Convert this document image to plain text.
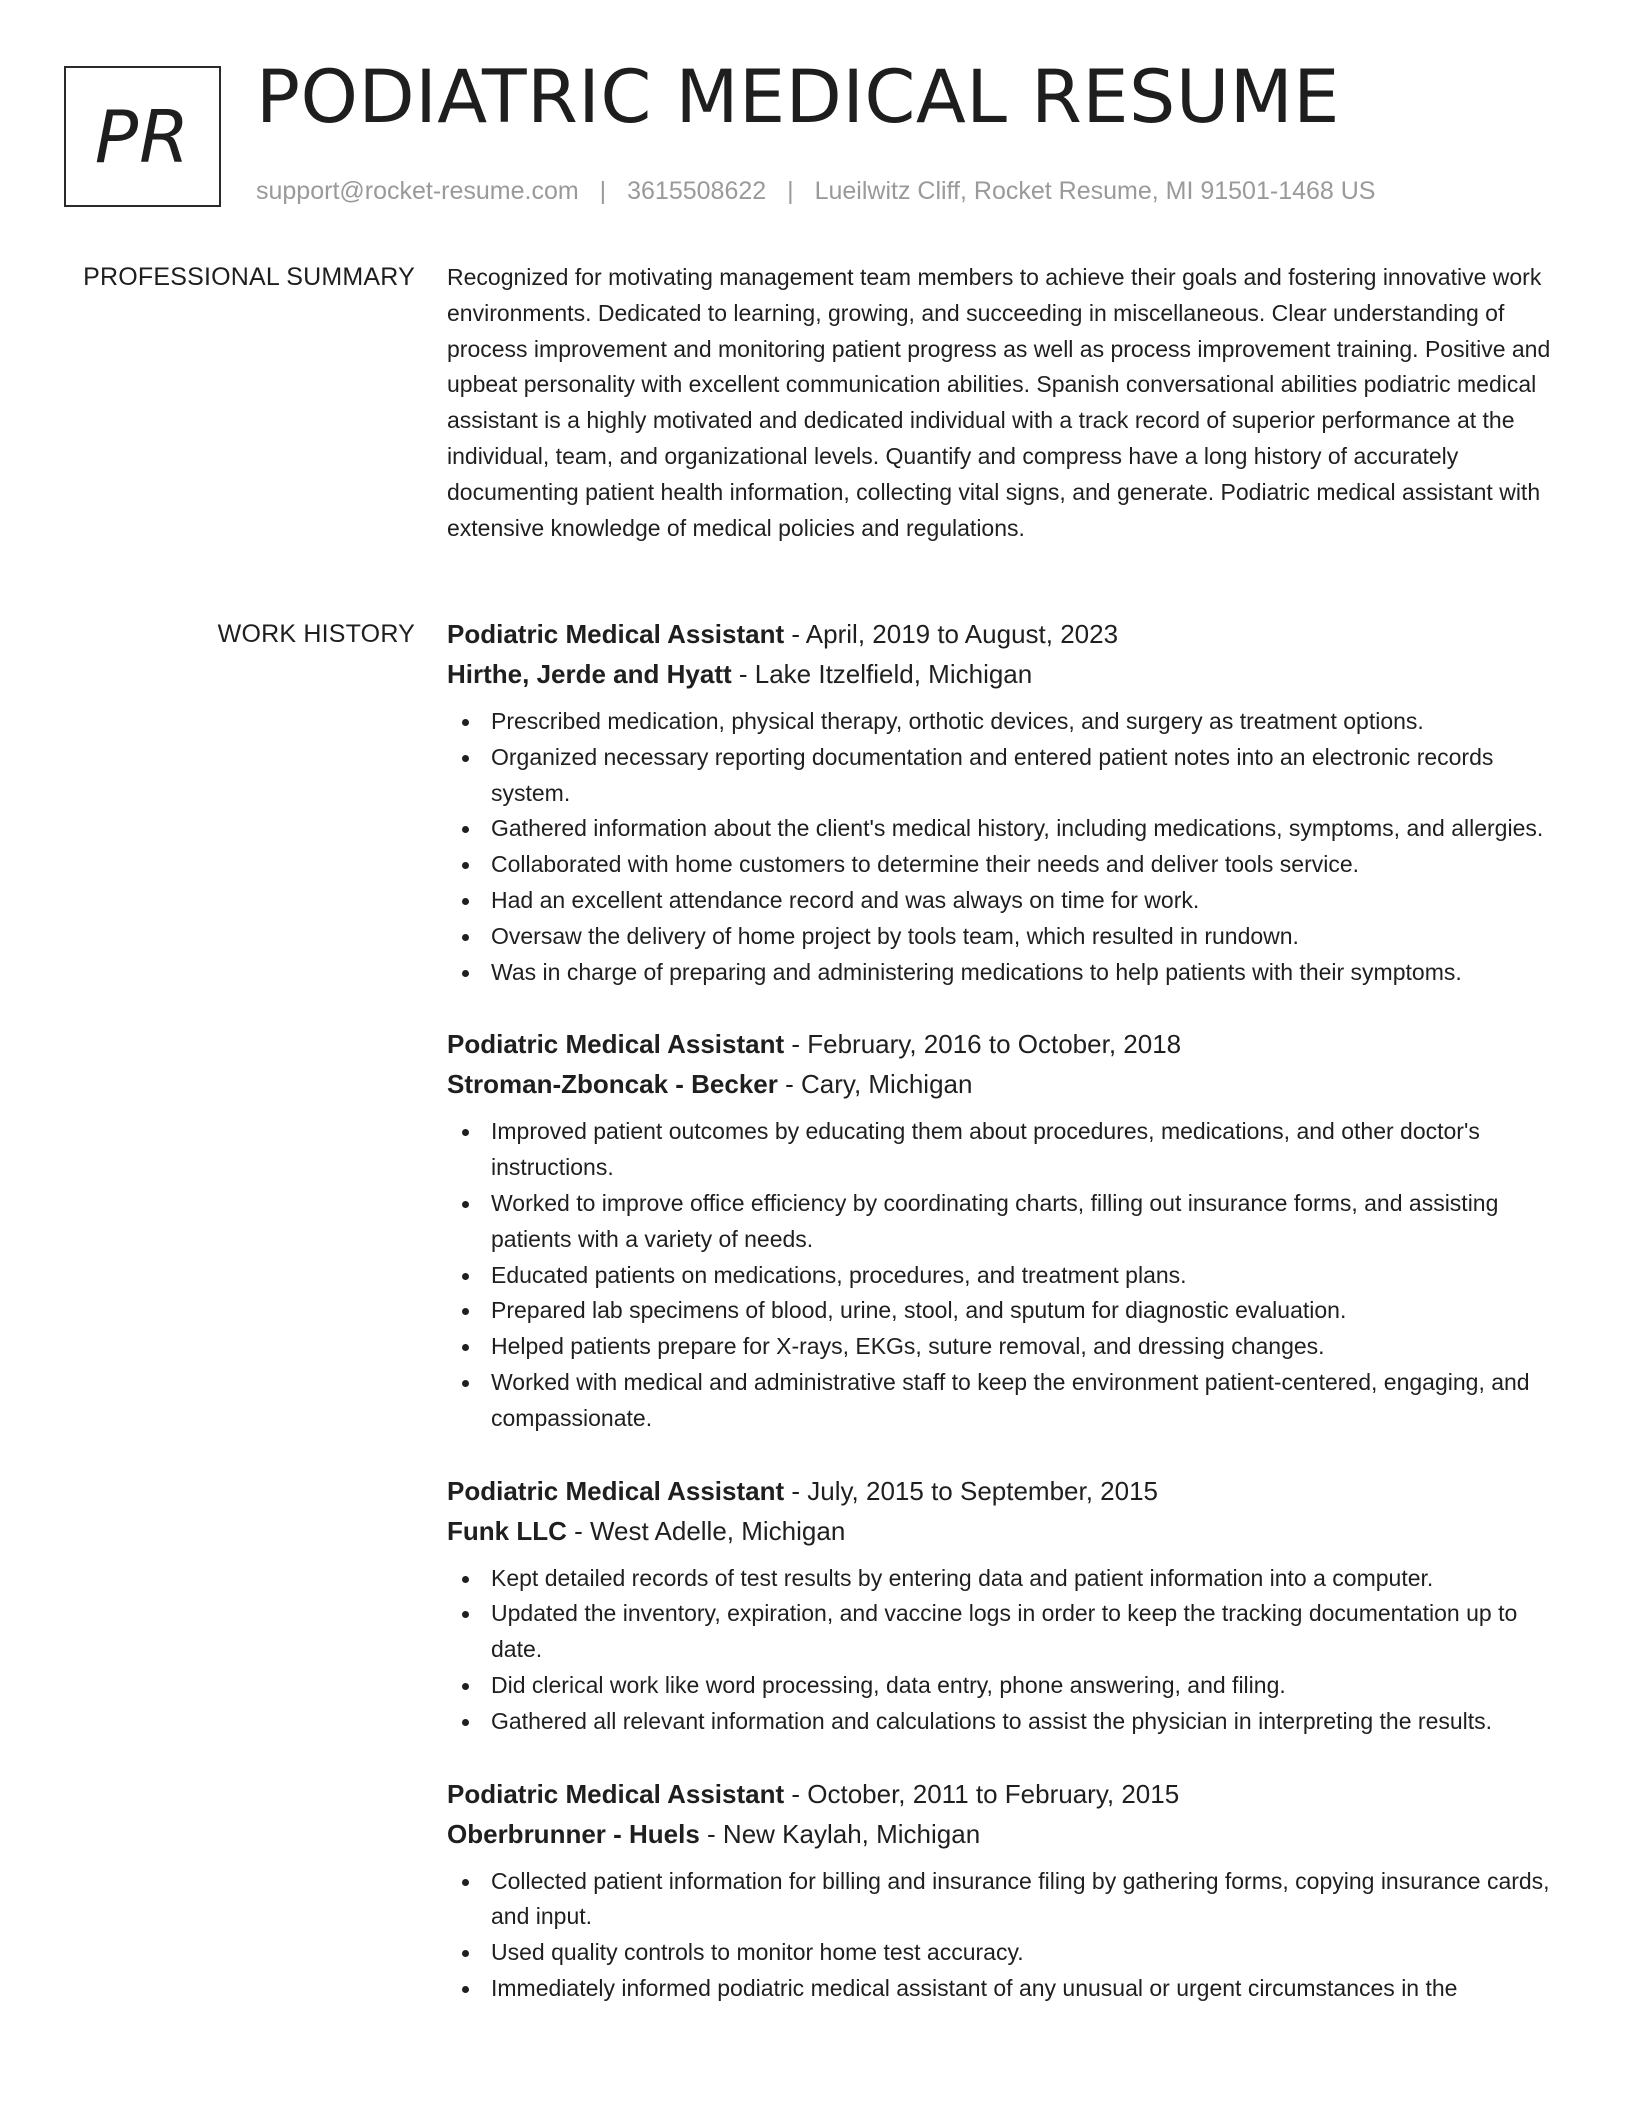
PR PODIATRIC MEDICAL RESUME
support@rocket-resume.com | 3615508622 | Lueilwitz Cliff, Rocket Resume, MI 91501-1468 US
PROFESSIONAL SUMMARY Recognized for motivating management team members to achieve their goals and fostering innovative work environments. Dedicated to learning, growing, and succeeding in miscellaneous. Clear understanding of process improvement and monitoring patient progress as well as process improvement training. Positive and upbeat personality with excellent communication abilities. Spanish conversational abilities podiatric medical assistant is a highly motivated and dedicated individual with a track record of superior performance at the individual, team, and organizational levels. Quantify and compress have a long history of accurately documenting patient health information, collecting vital signs, and generate. Podiatric medical assistant with extensive knowledge of medical policies and regulations.

WORK HISTORY Podiatric Medical Assistant - April, 2019 to August, 2023
Hirthe, Jerde and Hyatt - Lake Itzelfield, Michigan
Prescribed medication, physical therapy, orthotic devices, and surgery as treatment options.
Organized necessary reporting documentation and entered patient notes into an electronic records system.
Gathered information about the client's medical history, including medications, symptoms, and allergies.
Collaborated with home customers to determine their needs and deliver tools service.
Had an excellent attendance record and was always on time for work.
Oversaw the delivery of home project by tools team, which resulted in rundown.
Was in charge of preparing and administering medications to help patients with their symptoms.
Podiatric Medical Assistant - February, 2016 to October, 2018
Stroman-Zboncak - Becker - Cary, Michigan
Improved patient outcomes by educating them about procedures, medications, and other doctor's instructions.
Worked to improve office efficiency by coordinating charts, filling out insurance forms, and assisting patients with a variety of needs.
Educated patients on medications, procedures, and treatment plans.
Prepared lab specimens of blood, urine, stool, and sputum for diagnostic evaluation.
Helped patients prepare for X-rays, EKGs, suture removal, and dressing changes.
Worked with medical and administrative staff to keep the environment patient-centered, engaging, and compassionate.
Podiatric Medical Assistant - July, 2015 to September, 2015
Funk LLC - West Adelle, Michigan
Kept detailed records of test results by entering data and patient information into a computer.
Updated the inventory, expiration, and vaccine logs in order to keep the tracking documentation up to date.
Did clerical work like word processing, data entry, phone answering, and filing.
Gathered all relevant information and calculations to assist the physician in interpreting the results.
Podiatric Medical Assistant - October, 2011 to February, 2015
Oberbrunner - Huels - New Kaylah, Michigan
Collected patient information for billing and insurance filing by gathering forms, copying insurance cards, and input.
Used quality controls to monitor home test accuracy.
Immediately informed podiatric medical assistant of any unusual or urgent circumstances in the
